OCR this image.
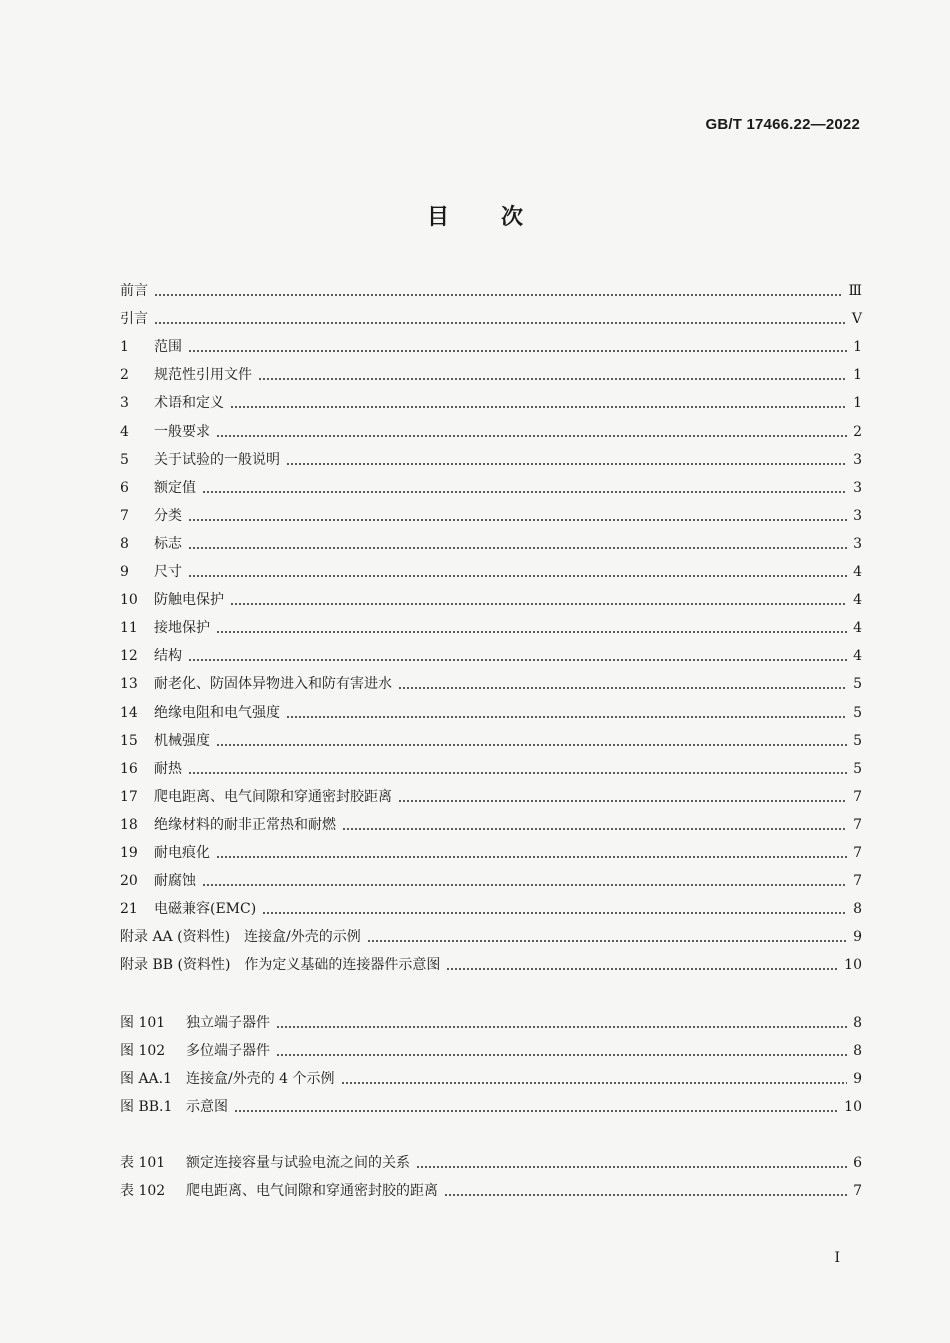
GB/T 17466.22—2022
目 次
前言	Ⅲ
引言	Ⅴ
1	范围	1
2	规范性引用文件	1
3	术语和定义	1
4	一般要求	2
5	关于试验的一般说明	3
6	额定值	3
7	分类	3
8	标志	3
9	尺寸	4
10	防触电保护	4
11	接地保护	4
12	结构	4
13	耐老化、防固体异物进入和防有害进水	5
14	绝缘电阻和电气强度	5
15	机械强度	5
16	耐热	5
17	爬电距离、电气间隙和穿通密封胶距离	7
18	绝缘材料的耐非正常热和耐燃	7
19	耐电痕化	7
20	耐腐蚀	7
21	电磁兼容(EMC)	8
附录 AA (资料性)　连接盒/外壳的示例	9
附录 BB (资料性)　作为定义基础的连接器件示意图	10
图 101	独立端子器件	8
图 102	多位端子器件	8
图 AA.1 连接盒/外壳的 4 个示例	9
图 BB.1 示意图	10
表 101	额定连接容量与试验电流之间的关系	6
表 102	爬电距离、电气间隙和穿通密封胶的距离	7
Ⅰ
